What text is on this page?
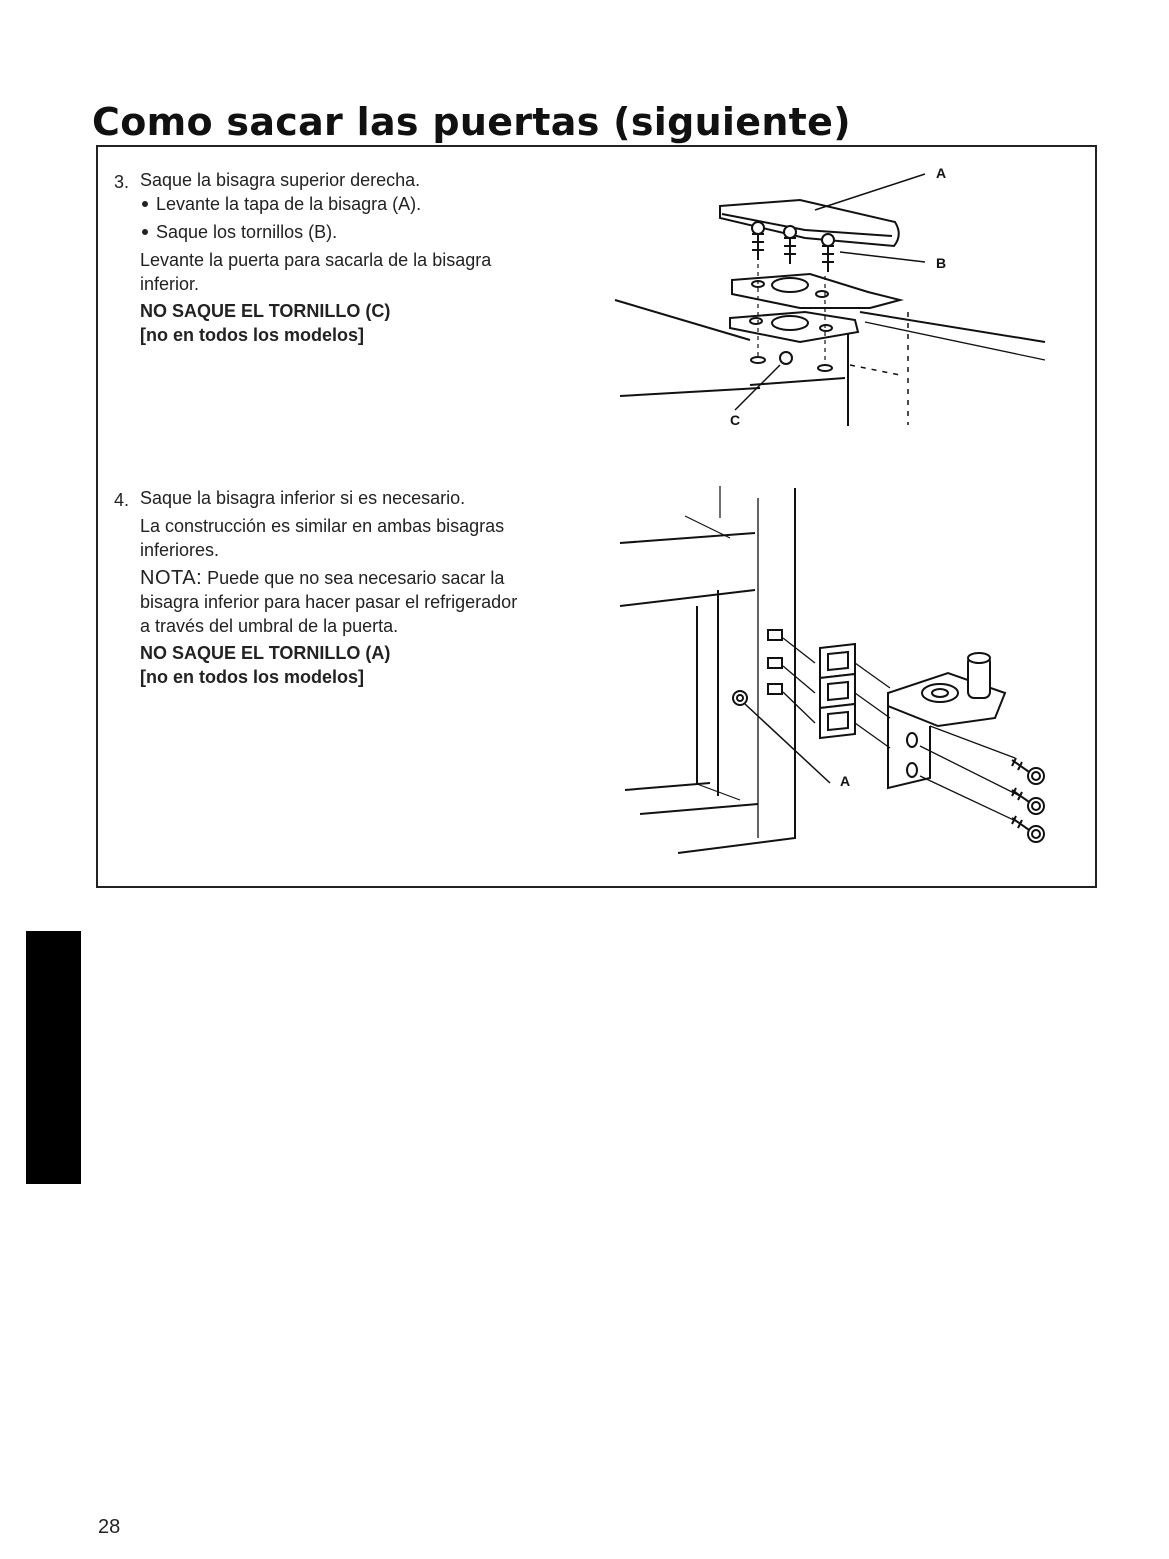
Como sacar las puertas (siguiente)
3. Saque la bisagra superior derecha.
Levante la tapa de la bisagra (A).
Saque los tornillos (B).
Levante la puerta para sacarla de la bisagra
inferior.
NO SAQUE EL TORNILLO (C)
[no en todos los modelos]
4. Saque la bisagra inferior si es necesario.
La construcción es similar en ambas bisagras
inferiores.
NOTA: Puede que no sea necesario sacar la
bisagra inferior para hacer pasar el refrigerador
a través del umbral de la puerta.
NO SAQUE EL TORNILLO (A)
[no en todos los modelos]
A
B
C
A
28
